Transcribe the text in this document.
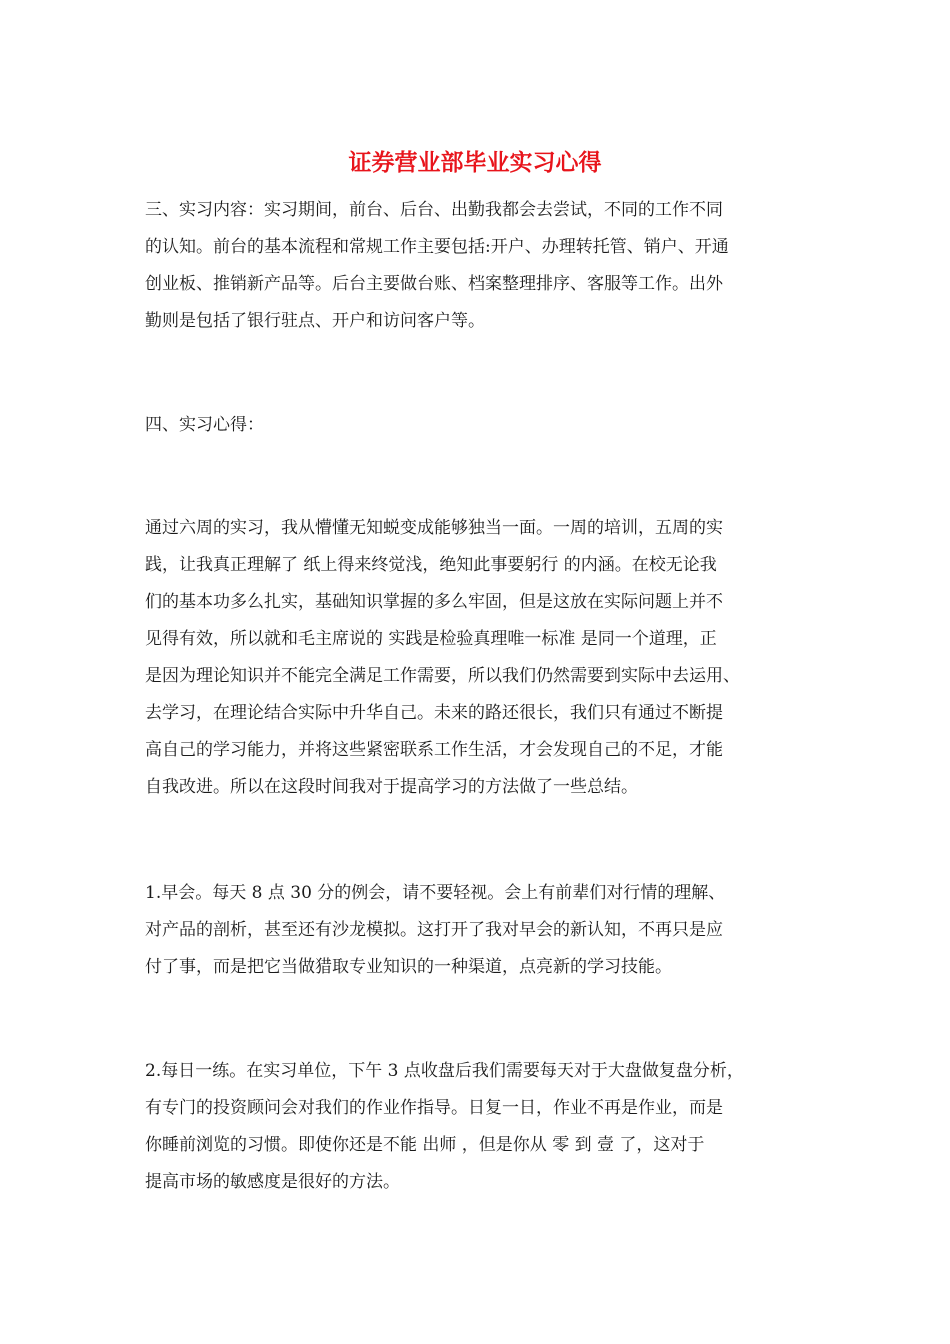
证券营业部毕业实习心得
三、实习内容：实习期间，前台、后台、出勤我都会去尝试，不同的工作不同
的认知。前台的基本流程和常规工作主要包括:开户、办理转托管、销户、开通
创业板、推销新产品等。后台主要做台账、档案整理排序、客服等工作。出外
勤则是包括了银行驻点、开户和访问客户等。
四、实习心得：
通过六周的实习，我从懵懂无知蜕变成能够独当一面。一周的培训，五周的实
践，让我真正理解了 纸上得来终觉浅，绝知此事要躬行 的内涵。在校无论我
们的基本功多么扎实，基础知识掌握的多么牢固，但是这放在实际问题上并不
见得有效，所以就和毛主席说的 实践是检验真理唯一标准 是同一个道理，正
是因为理论知识并不能完全满足工作需要，所以我们仍然需要到实际中去运用、
去学习，在理论结合实际中升华自己。未来的路还很长，我们只有通过不断提
高自己的学习能力，并将这些紧密联系工作生活，才会发现自己的不足，才能
自我改进。所以在这段时间我对于提高学习的方法做了一些总结。
1.早会。每天 8 点 30 分的例会，请不要轻视。会上有前辈们对行情的理解、
对产品的剖析，甚至还有沙龙模拟。这打开了我对早会的新认知，不再只是应
付了事，而是把它当做猎取专业知识的一种渠道，点亮新的学习技能。
2.每日一练。在实习单位，下午 3 点收盘后我们需要每天对于大盘做复盘分析，
有专门的投资顾问会对我们的作业作指导。日复一日，作业不再是作业，而是
你睡前浏览的习惯。即使你还是不能 出师 ，但是你从 零 到 壹 了，这对于
提高市场的敏感度是很好的方法。
